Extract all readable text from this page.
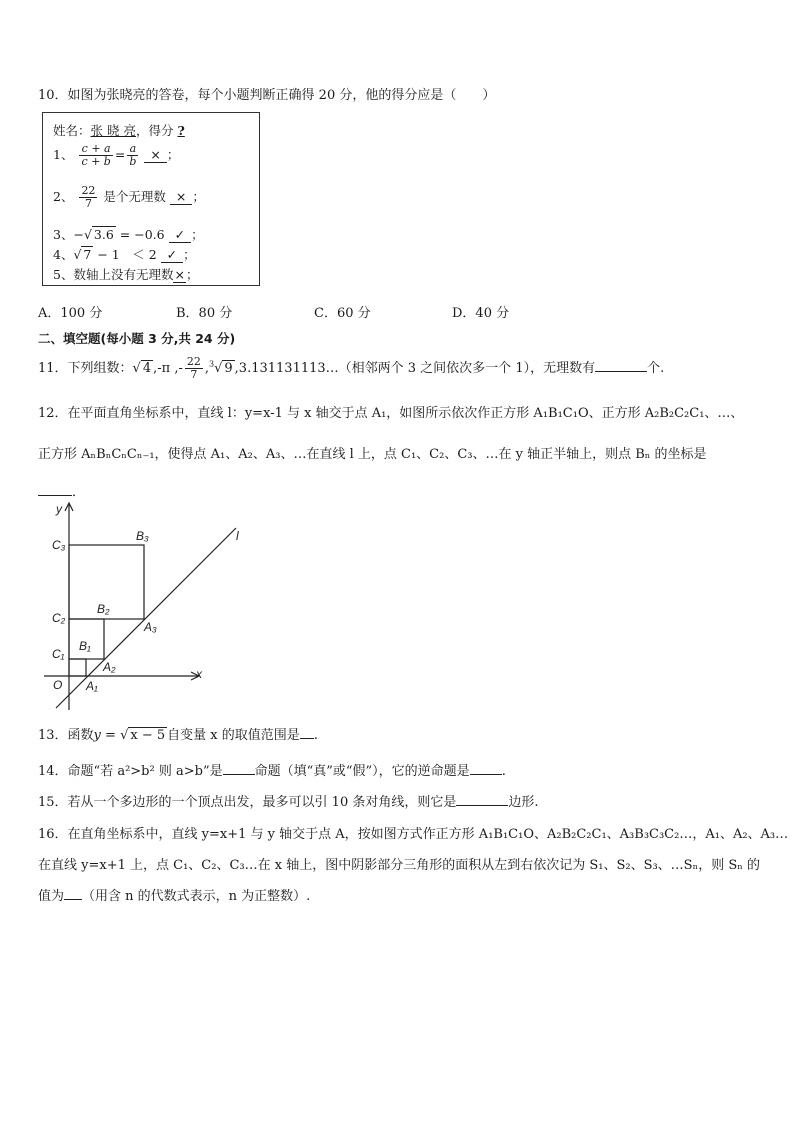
10．如图为张晓亮的答卷，每个小题判断正确得 20 分，他的得分应是（　　）
姓名：张 晓 亮，得分 ?
1、 $\frac{c + a}{c + b} = \frac{a}{b}$ × ；
2、 $\frac{22}{7}$ 是个无理数 × ；
3、−√ 3.6 = −0.6 ✓ ；
4、√ 7 − 1　＜ 2 ✓ ；
5、数轴上没有无理数×；
A．100 分	B．80 分	C．60 分	D．40 分
二、填空题(每小题 3 分,共 24 分)
11．下列组数：√ 4 ,-π ,- $\frac{22}{7} ,^3√$ 9 ,3.131131113…（相邻两个 3 之间依次多一个 1），无理数有	个.
12．在平面直角坐标系中，直线 l：y=x-1 与 x 轴交于点 A₁，如图所示依次作正方形 A₁B₁C₁O、正方形 A₂B₂C₂C₁、…、
正方形 AₙBₙCₙCₙ₋₁，使得点 A₁、A₂、A₃、…在直线 l 上，点 C₁、C₂、C₃、…在 y 轴正半轴上，则点 Bₙ 的坐标是
．
y
x
l
O
C₃
C₂
C₁
B₃
B₂
B₁
A₃
A₂
A₁
13．函数y = √ x − 5 自变量 x 的取值范围是 .
14．命题“若 a²>b² 则 a>b”是 命题（填“真”或“假”），它的逆命题是 .
15．若从一个多边形的一个顶点出发，最多可以引 10 条对角线，则它是	边形.
16．在直角坐标系中，直线 y=x+1 与 y 轴交于点 A，按如图方式作正方形 A₁B₁C₁O、A₂B₂C₂C₁、A₃B₃C₃C₂…，A₁、A₂、A₃…
在直线 y=x+1 上，点 C₁、C₂、C₃…在 x 轴上，图中阴影部分三角形的面积从左到右依次记为 S₁、S₂、S₃、…Sₙ，则 Sₙ 的
值为 （用含 n 的代数式表示，n 为正整数）.
